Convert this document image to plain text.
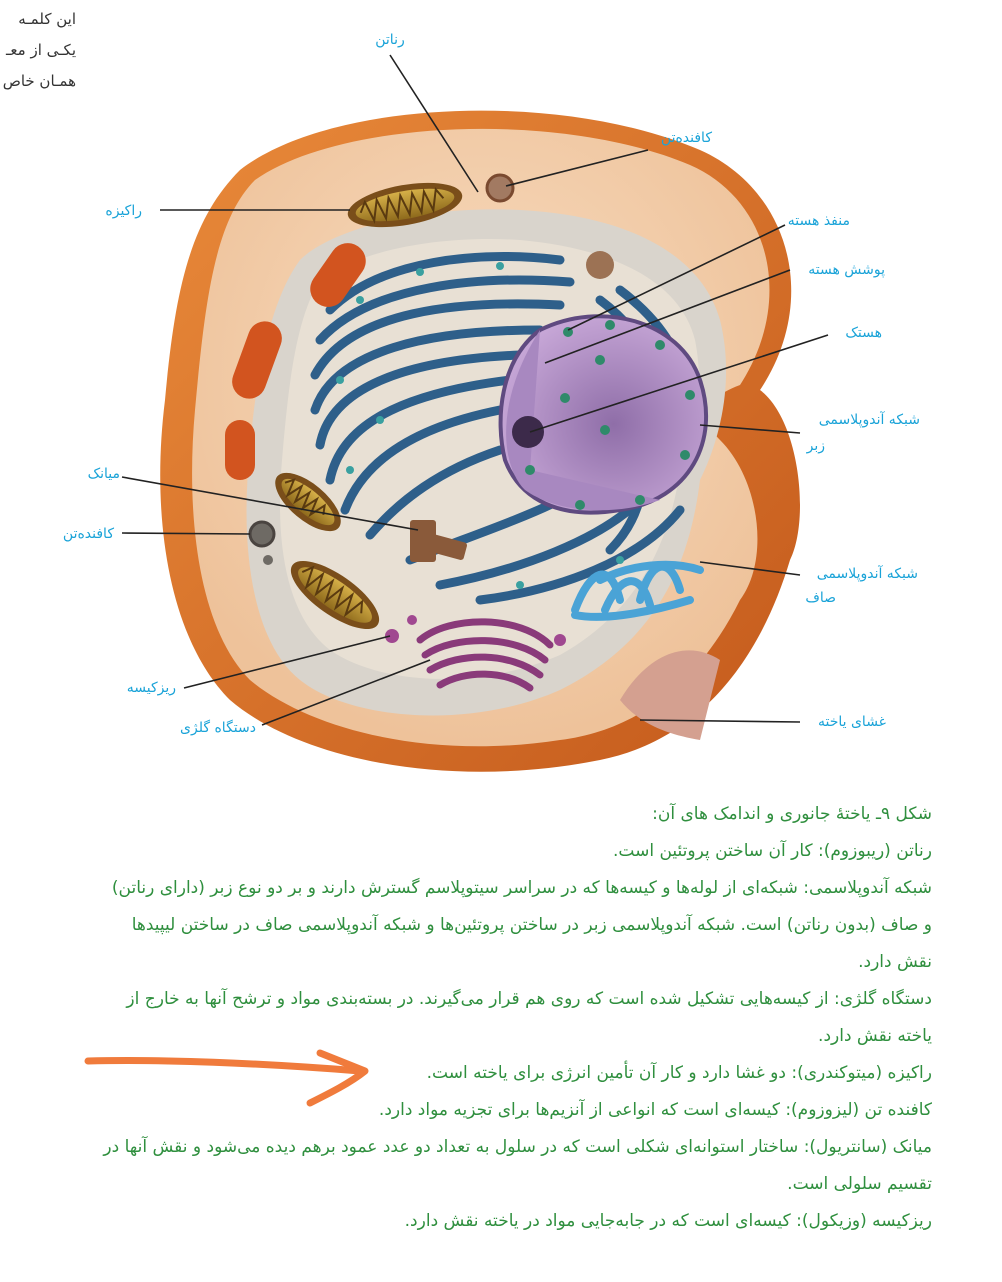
این کلمـه
یکـی از معـ
همـان خاص
رناتن
کافنده‌تن
راکیزه
منفذ هسته
پوشش هسته
هستک
شبکه آندوپلاسمی
زبر
میانک
کافنده‌تن
شبکه آندوپلاسمی
صاف
ریزکیسه
دستگاه گلژی	غشای یاخته

شکل ۹ـ یاختۀ جانوری و اندامک های آن:

رناتن (ریبوزوم): کار آن ساختن پروتئین است.

شبکه آندوپلاسمی: شبکه‌ای از لوله‌ها و کیسه‌ها که در سراسر سیتوپلاسم گسترش دارند و بر دو نوع زبر (دارای رناتن) و صاف (بدون رناتن) است. شبکه آندوپلاسمی زبر در ساختن پروتئین‌ها و شبکه آندوپلاسمی صاف در ساختن لیپیدها نقش دارد.

دستگاه گلژی: از کیسه‌هایی تشکیل شده است که روی هم قرار می‌گیرند. در بسته‌بندی مواد و ترشح آنها به خارج از یاخته نقش دارد.

راکیزه (میتوکندری): دو غشا دارد و کار آن تأمین انرژی برای یاخته است.

کافنده تن (لیزوزوم): کیسه‌ای است که انواعی از آنزیم‌ها برای تجزیه مواد دارد.

میانک (سانتریول): ساختار استوانه‌ای شکلی است که در سلول به تعداد دو عدد عمود برهم دیده می‌شود و نقش آنها در تقسیم سلولی است.

ریزکیسه (وزیکول): کیسه‌ای است که در جابه‌جایی مواد در یاخته نقش دارد.
